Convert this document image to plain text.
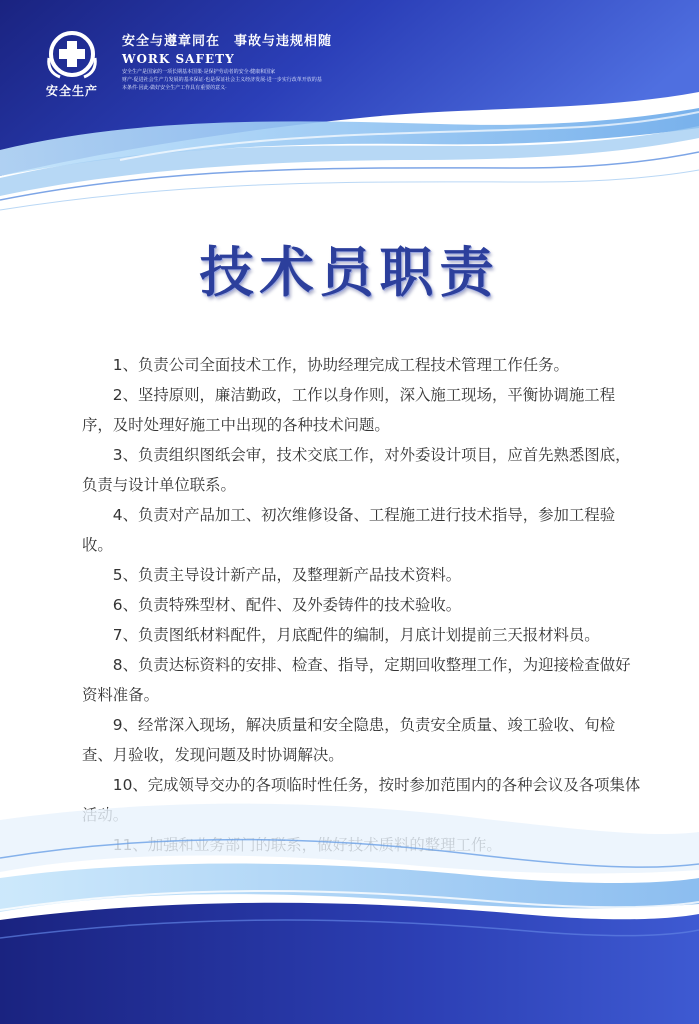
安全生产
安全与遵章同在 事故与违规相随
WORK SAFETY
安全生产是国家的一项长期基本国策·是保护劳动者的安全·健康和国家
财产·促进社会生产力发展的基本保证·也是保证社会主义经济发展·进一步实行改革开放的基
本条件·因此·做好安全生产工作具有重要的意义·
技术员职责

1、负责公司全面技术工作，协助经理完成工程技术管理工作任务。

2、坚持原则，廉洁勤政，工作以身作则，深入施工现场，平衡协调施工程序，及时处理好施工中出现的各种技术问题。

3、负责组织图纸会审，技术交底工作，对外委设计项目，应首先熟悉图底，负责与设计单位联系。

4、负责对产品加工、初次维修设备、工程施工进行技术指导，参加工程验收。

5、负责主导设计新产品，及整理新产品技术资料。

6、负责特殊型材、配件、及外委铸件的技术验收。

7、负责图纸材料配件，月底配件的编制，月底计划提前三天报材料员。

8、负责达标资料的安排、检查、指导，定期回收整理工作，为迎接检查做好资料准备。

9、经常深入现场，解决质量和安全隐患，负责安全质量、竣工验收、旬检查、月验收，发现问题及时协调解决。

10、完成领导交办的各项临时性任务，按时参加范围内的各种会议及各项集体
